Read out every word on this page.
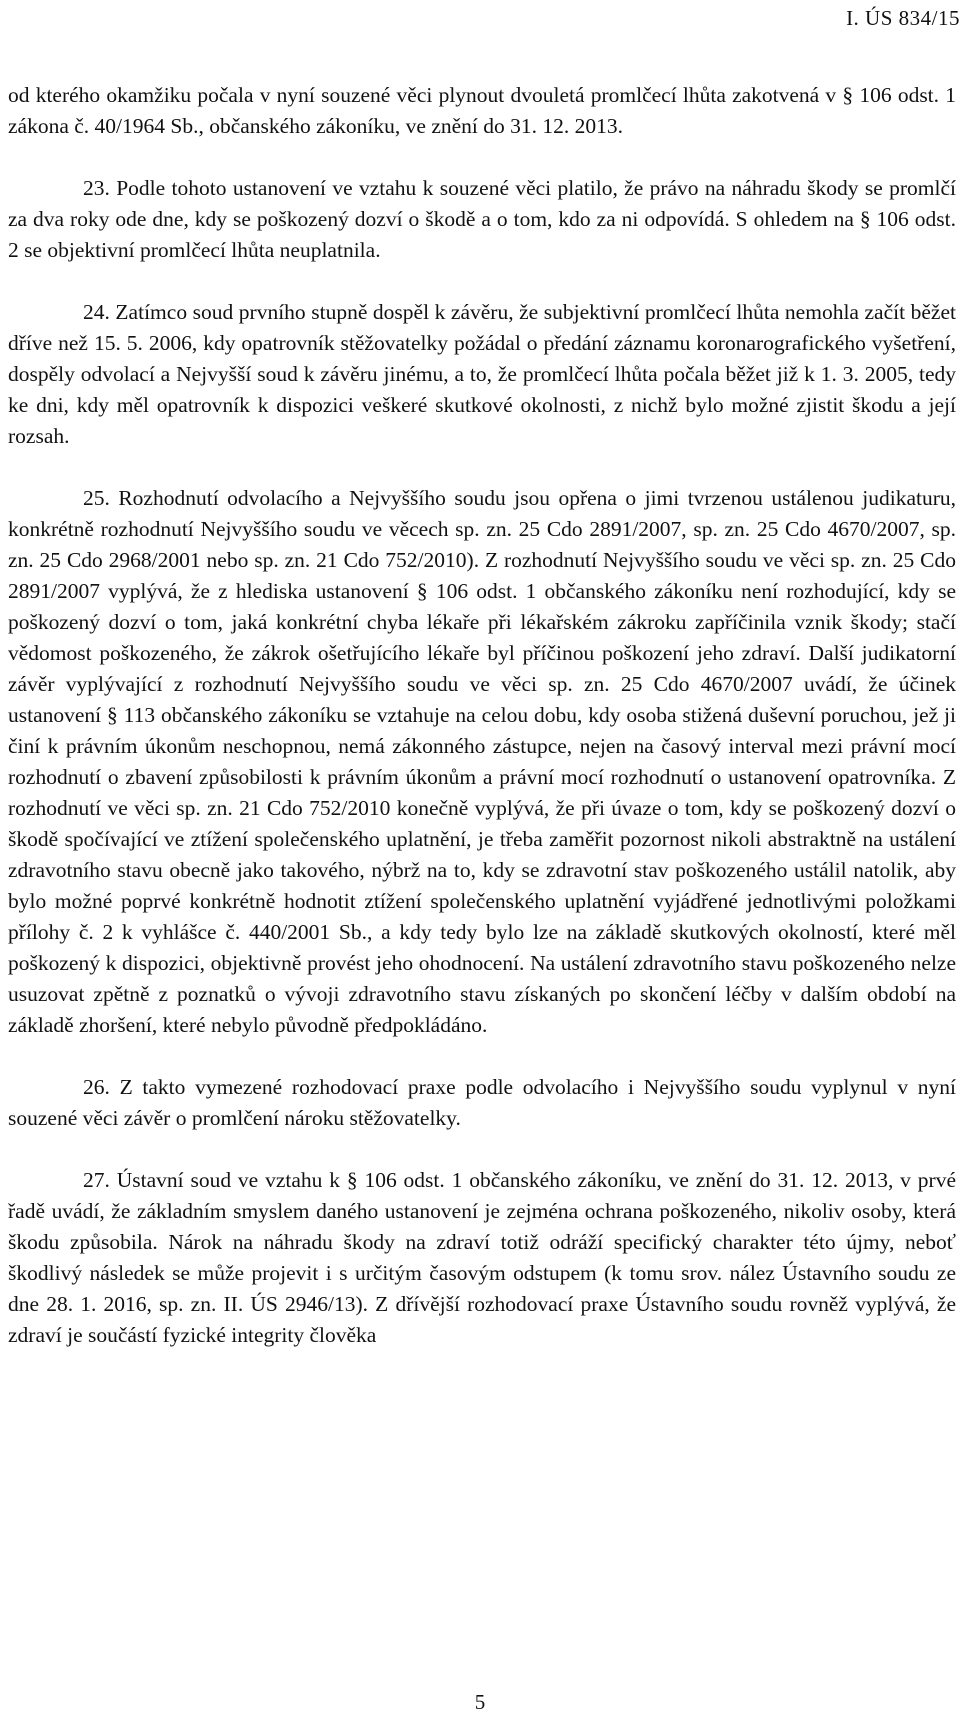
I. ÚS 834/15

od kterého okamžiku počala v nyní souzené věci plynout dvouletá promlčecí lhůta zakotvená v § 106 odst. 1 zákona č. 40/1964 Sb., občanského zákoníku, ve znění do 31. 12. 2013.

23. Podle tohoto ustanovení ve vztahu k souzené věci platilo, že právo na náhradu škody se promlčí za dva roky ode dne, kdy se poškozený dozví o škodě a o tom, kdo za ni odpovídá. S ohledem na § 106 odst. 2 se objektivní promlčecí lhůta neuplatnila.

24. Zatímco soud prvního stupně dospěl k závěru, že subjektivní promlčecí lhůta nemohla začít běžet dříve než 15. 5. 2006, kdy opatrovník stěžovatelky požádal o předání záznamu koronarografického vyšetření, dospěly odvolací a Nejvyšší soud k závěru jinému, a to, že promlčecí lhůta počala běžet již k 1. 3. 2005, tedy ke dni, kdy měl opatrovník k dispozici veškeré skutkové okolnosti, z nichž bylo možné zjistit škodu a její rozsah.

25. Rozhodnutí odvolacího a Nejvyššího soudu jsou opřena o jimi tvrzenou ustálenou judikaturu, konkrétně rozhodnutí Nejvyššího soudu ve věcech sp. zn. 25 Cdo 2891/2007, sp. zn. 25 Cdo 4670/2007, sp. zn. 25 Cdo 2968/2001 nebo sp. zn. 21 Cdo 752/2010). Z rozhodnutí Nejvyššího soudu ve věci sp. zn. 25 Cdo 2891/2007 vyplývá, že z hlediska ustanovení § 106 odst. 1 občanského zákoníku není rozhodující, kdy se poškozený dozví o tom, jaká konkrétní chyba lékaře při lékařském zákroku zapříčinila vznik škody; stačí vědomost poškozeného, že zákrok ošetřujícího lékaře byl příčinou poškození jeho zdraví. Další judikatorní závěr vyplývající z rozhodnutí Nejvyššího soudu ve věci sp. zn. 25 Cdo 4670/2007 uvádí, že účinek ustanovení § 113 občanského zákoníku se vztahuje na celou dobu, kdy osoba stižená duševní poruchou, jež ji činí k právním úkonům neschopnou, nemá zákonného zástupce, nejen na časový interval mezi právní mocí rozhodnutí o zbavení způsobilosti k právním úkonům a právní mocí rozhodnutí o ustanovení opatrovníka. Z rozhodnutí ve věci sp. zn. 21 Cdo 752/2010 konečně vyplývá, že při úvaze o tom, kdy se poškozený dozví o škodě spočívající ve ztížení společenského uplatnění, je třeba zaměřit pozornost nikoli abstraktně na ustálení zdravotního stavu obecně jako takového, nýbrž na to, kdy se zdravotní stav poškozeného ustálil natolik, aby bylo možné poprvé konkrétně hodnotit ztížení společenského uplatnění vyjádřené jednotlivými položkami přílohy č. 2 k vyhlášce č. 440/2001 Sb., a kdy tedy bylo lze na základě skutkových okolností, které měl poškozený k dispozici, objektivně provést jeho ohodnocení. Na ustálení zdravotního stavu poškozeného nelze usuzovat zpětně z poznatků o vývoji zdravotního stavu získaných po skončení léčby v dalším období na základě zhoršení, které nebylo původně předpokládáno.

26. Z takto vymezené rozhodovací praxe podle odvolacího i Nejvyššího soudu vyplynul v nyní souzené věci závěr o promlčení nároku stěžovatelky.

27. Ústavní soud ve vztahu k § 106 odst. 1 občanského zákoníku, ve znění do 31. 12. 2013, v prvé řadě uvádí, že základním smyslem daného ustanovení je zejména ochrana poškozeného, nikoliv osoby, která škodu způsobila. Nárok na náhradu škody na zdraví totiž odráží specifický charakter této újmy, neboť škodlivý následek se může projevit i s určitým časovým odstupem (k tomu srov. nález Ústavního soudu ze dne 28. 1. 2016, sp. zn. II. ÚS 2946/13). Z dřívější rozhodovací praxe Ústavního soudu rovněž vyplývá, že zdraví je součástí fyzické integrity člověka

5
